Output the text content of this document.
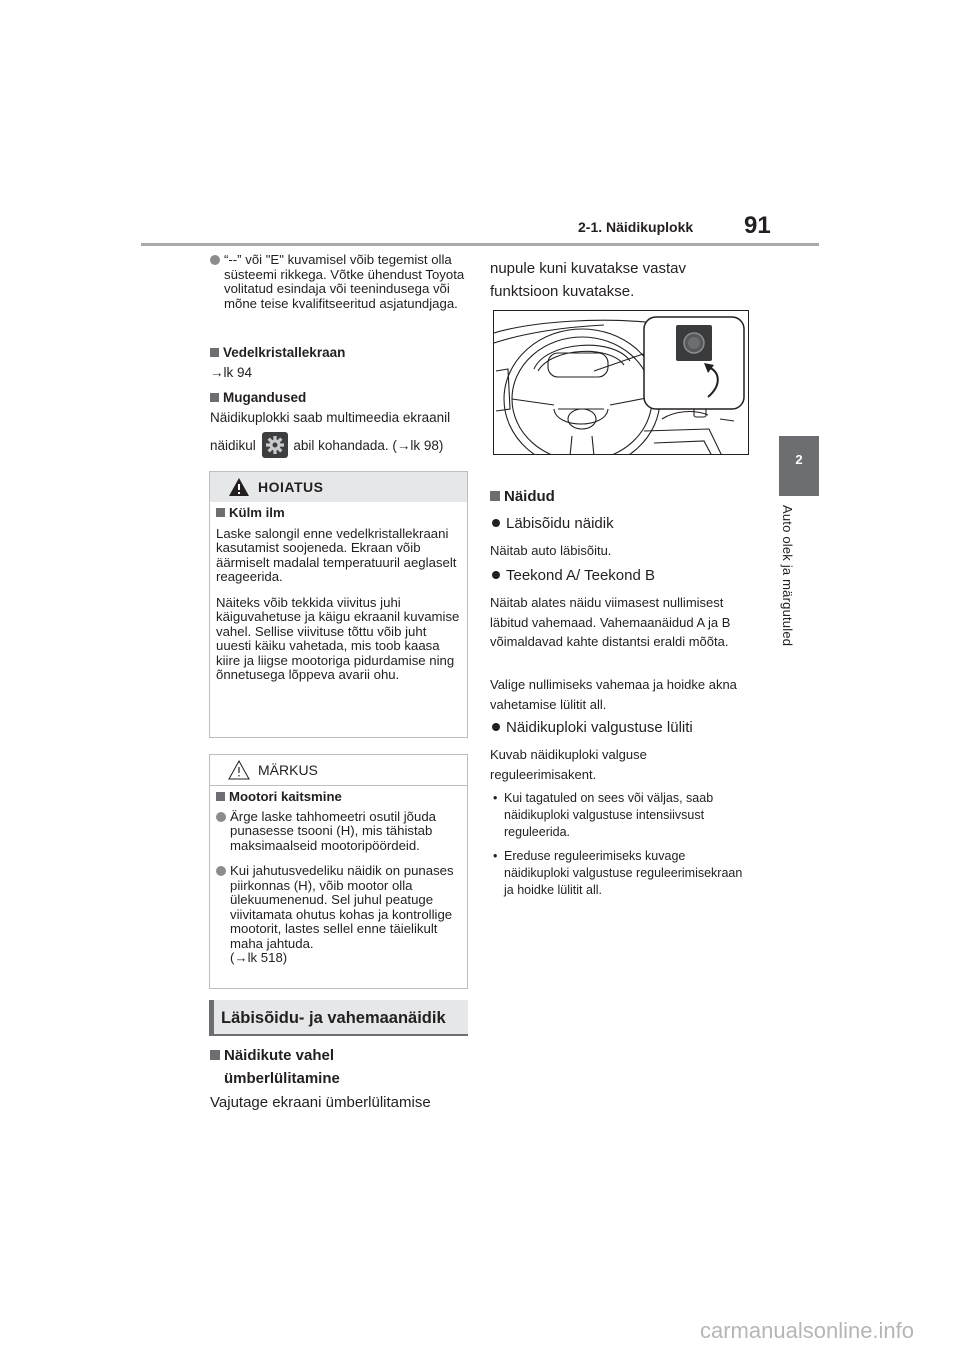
2-1. Näidikuplokk 91
2
Auto olek ja märgutuled
“--” või "E" kuvamisel võib tegemist olla süsteemi rikkega. Võtke ühendust Toyota volitatud esindaja või teenindusega või mõne teise kvalifitseeritud asjatundjaga.
Vedelkristallekraan
→lk 94
Mugandused
Näidikuplokki saab multimeedia ekraanil
näidikul	abil kohandada. (→lk 98)
HOIATUS
Külm ilm
Laske salongil enne vedelkristallekraani kasutamist soojeneda. Ekraan võib äärmiselt madalal temperatuuril aeglaselt reageerida.
Näiteks võib tekkida viivitus juhi käiguvahetuse ja käigu ekraanil kuvamise vahel. Sellise viivituse tõttu võib juht uuesti käiku vahetada, mis toob kaasa kiire ja liigse mootoriga pidurdamise ning õnnetusega lõppeva avarii ohu.
MÄRKUS
Mootori kaitsmine
Ärge laske tahhomeetri osutil jõuda punasesse tsooni (H), mis tähistab maksimaalseid mootoripöördeid.
Kui jahutusvedeliku näidik on punases piirkonnas (H), võib mootor olla ülekuumenenud. Sel juhul peatuge viivitamata ohutus kohas ja kontrollige mootorit, lastes sellel enne täielikult maha jahtuda.
(→lk 518)
Läbisõidu- ja vahemaanäidik
Näidikute vahel
ümberlülitamine
Vajutage ekraani ümberlülitamise
nupule kuni kuvatakse vastav
funktsioon kuvatakse.
Näidud
Läbisõidu näidik
Näitab auto läbisõitu.
Teekond A/ Teekond B
Näitab alates näidu viimasest nullimisest läbitud vahemaad. Vahemaanäidud A ja B võimaldavad kahte distantsi eraldi mõõta.
Valige nullimiseks vahemaa ja hoidke akna vahetamise lülitit all.
Näidikuploki valgustuse lüliti
Kuvab näidikuploki valguse reguleerimisakent.
• Kui tagatuled on sees või väljas, saab näidikuploki valgustuse intensiivsust reguleerida.
• Ereduse reguleerimiseks kuvage näidikuploki valgustuse reguleerimisekraan ja hoidke lülitit all.
carmanualsonline.info
